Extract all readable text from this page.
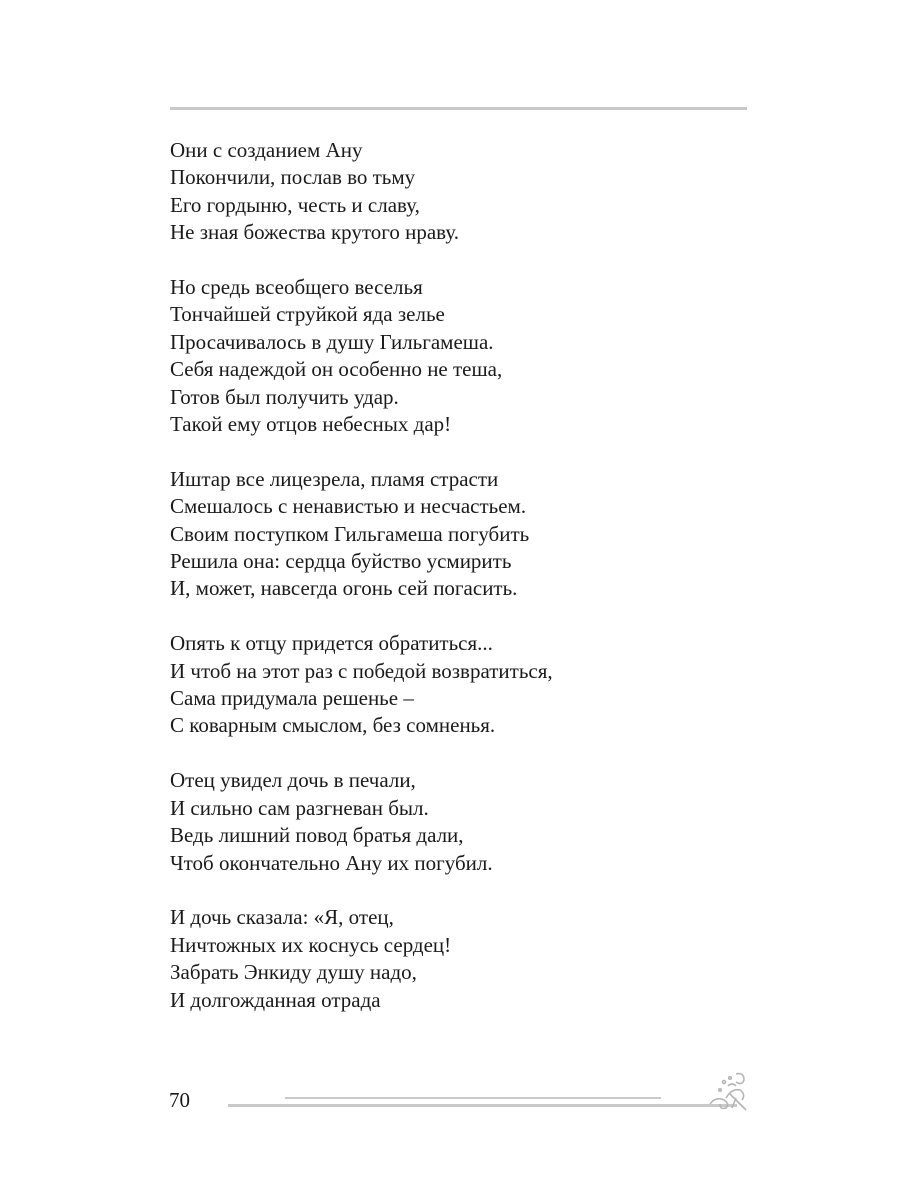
Они с созданием Ану
Покончили, послав во тьму
Его гордыню, честь и славу,
Не зная божества крутого нраву.
Но средь всеобщего веселья
Тончайшей струйкой яда зелье
Просачивалось в душу Гильгамеша.
Себя надеждой он особенно не теша,
Готов был получить удар.
Такой ему отцов небесных дар!
Иштар все лицезрела, пламя страсти
Смешалось с ненавистью и несчастьем.
Своим поступком Гильгамеша погубить
Решила она: сердца буйство усмирить
И, может, навсегда огонь сей погасить.
Опять к отцу придется обратиться...
И чтоб на этот раз с победой возвратиться,
Сама придумала решенье –
С коварным смыслом, без сомненья.
Отец увидел дочь в печали,
И сильно сам разгневан был.
Ведь лишний повод братья дали,
Чтоб окончательно Ану их погубил.
И дочь сказала: «Я, отец,
Ничтожных их коснусь сердец!
Забрать Энкиду душу надо,
И долгожданная отрада
70
